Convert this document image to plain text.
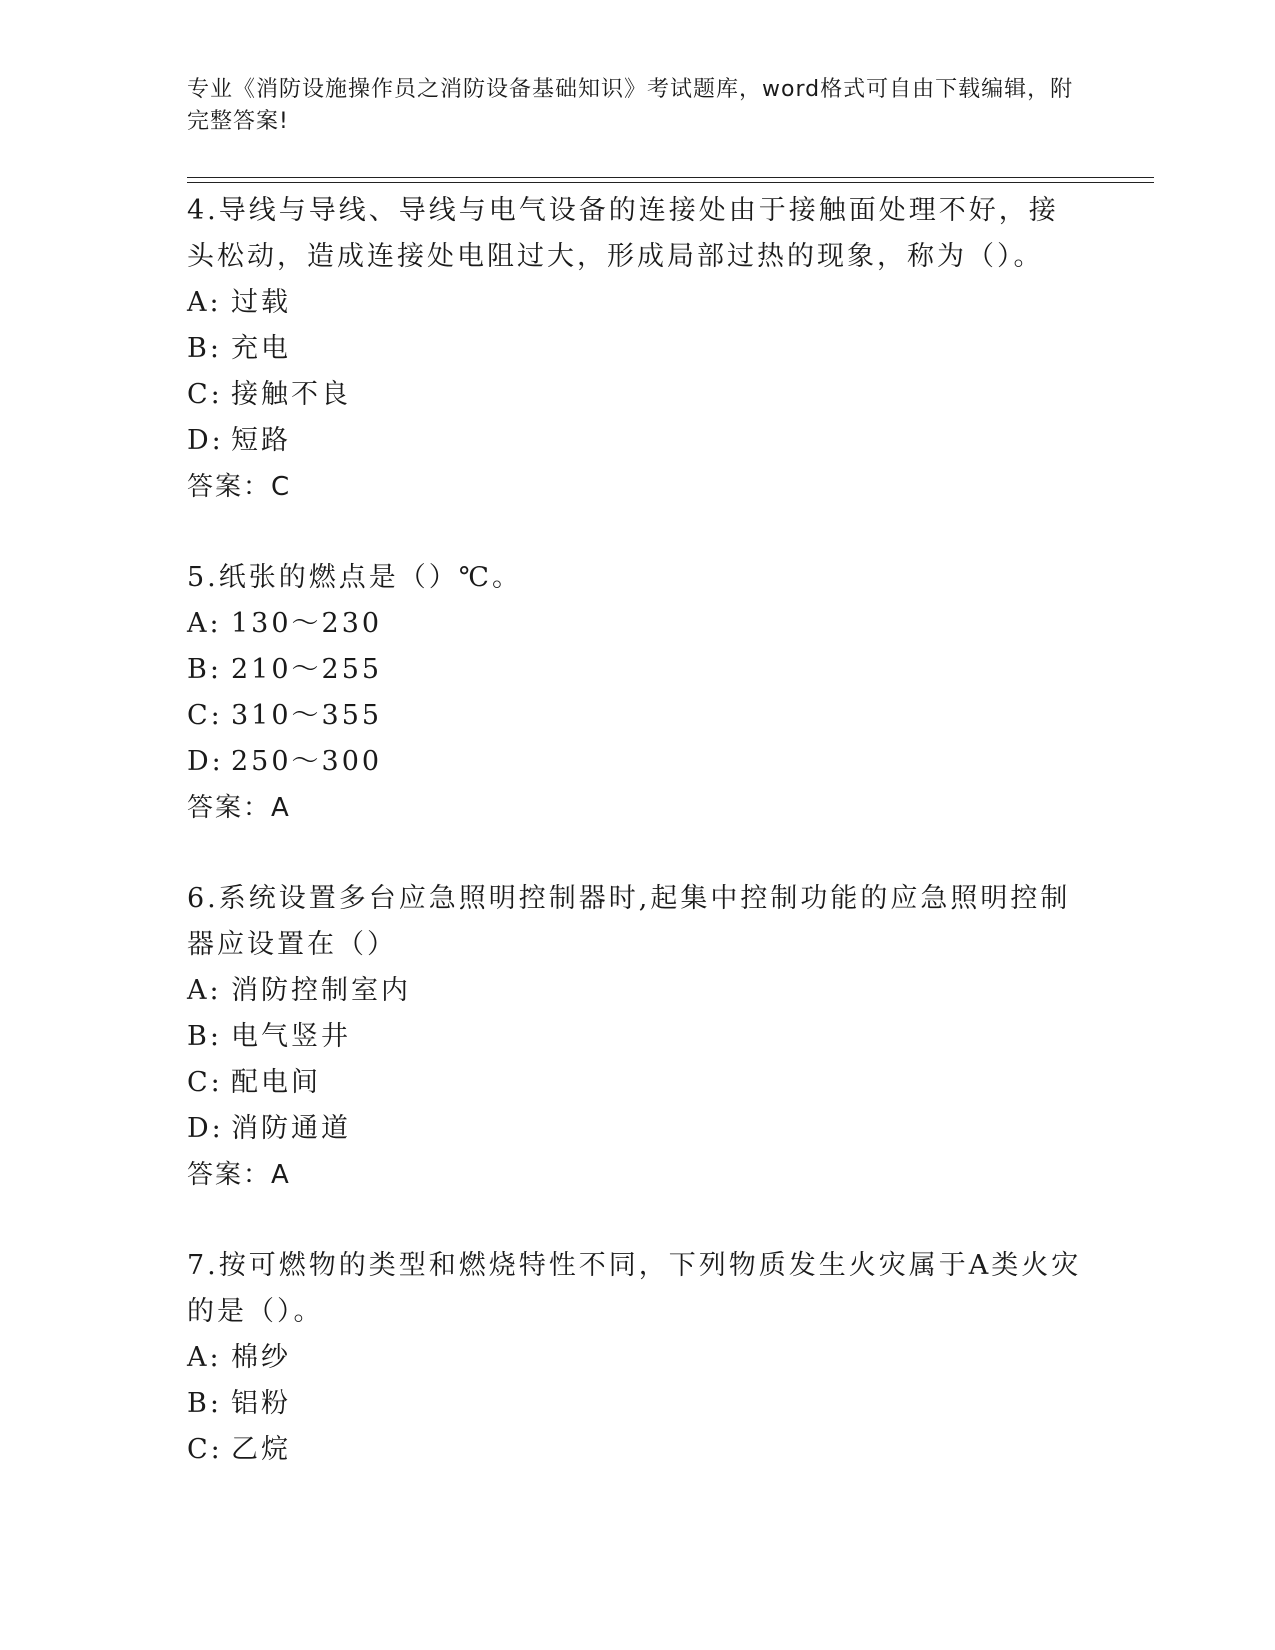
专业《消防设施操作员之消防设备基础知识》考试题库，word格式可自由下载编辑，附完整答案!

4.导线与导线、导线与电气设备的连接处由于接触面处理不好，接头松动，造成连接处电阻过大，形成局部过热的现象，称为（）。

A: 过载
B: 充电
C: 接触不良
D: 短路

答案：C

5.纸张的燃点是（）℃。

A: 130～230
B: 210～255
C: 310～355
D: 250～300

答案：A

6.系统设置多台应急照明控制器时,起集中控制功能的应急照明控制器应设置在（）

A: 消防控制室内
B: 电气竖井
C: 配电间
D: 消防通道

答案：A

7.按可燃物的类型和燃烧特性不同，下列物质发生火灾属于A类火灾的是（）。

A: 棉纱
B: 铝粉
C: 乙烷
